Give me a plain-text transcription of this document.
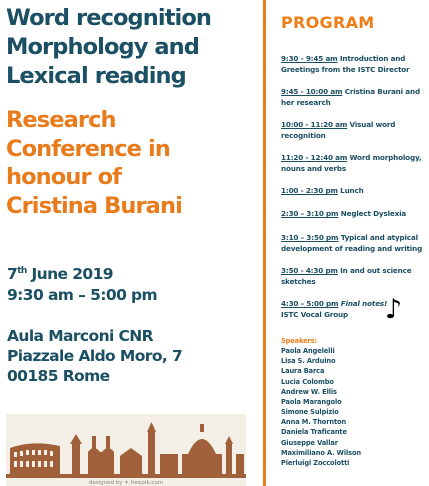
Word recognition
Morphology and
Lexical reading
Research
Conference in
honour of
Cristina Burani
7th June 2019
9:30 am – 5:00 pm
Aula Marconi CNR
Piazzale Aldo Moro, 7
00185 Rome
designed by ✦ freepik.com
PROGRAM
9:30 - 9:45 am Introduction and Greetings from the ISTC Director
9:45 - 10:00 am Cristina Burani and her research
10:00 - 11:20 am Visual word recognition
11:20 - 12:40 am Word morphology, nouns and verbs
1:00 - 2:30 pm Lunch
2:30 – 3:10 pm Neglect Dyslexia
3:10 – 3:50 pm Typical and atypical development of reading and writing
3:50 - 4:30 pm In and out science sketches
4:30 – 5:00 pm Final notes!
ISTC Vocal Group
Speakers:
Paola Angelelli
Lisa S. Arduino
Laura Barca
Lucia Colombo
Andrew W. Ellis
Paola Marangolo
Simone Sulpizio
Anna M. Thornton
Daniela Traficante
Giuseppe Vallar
Maximiliano A. Wilson
Pierluigi Zoccolotti
♪
